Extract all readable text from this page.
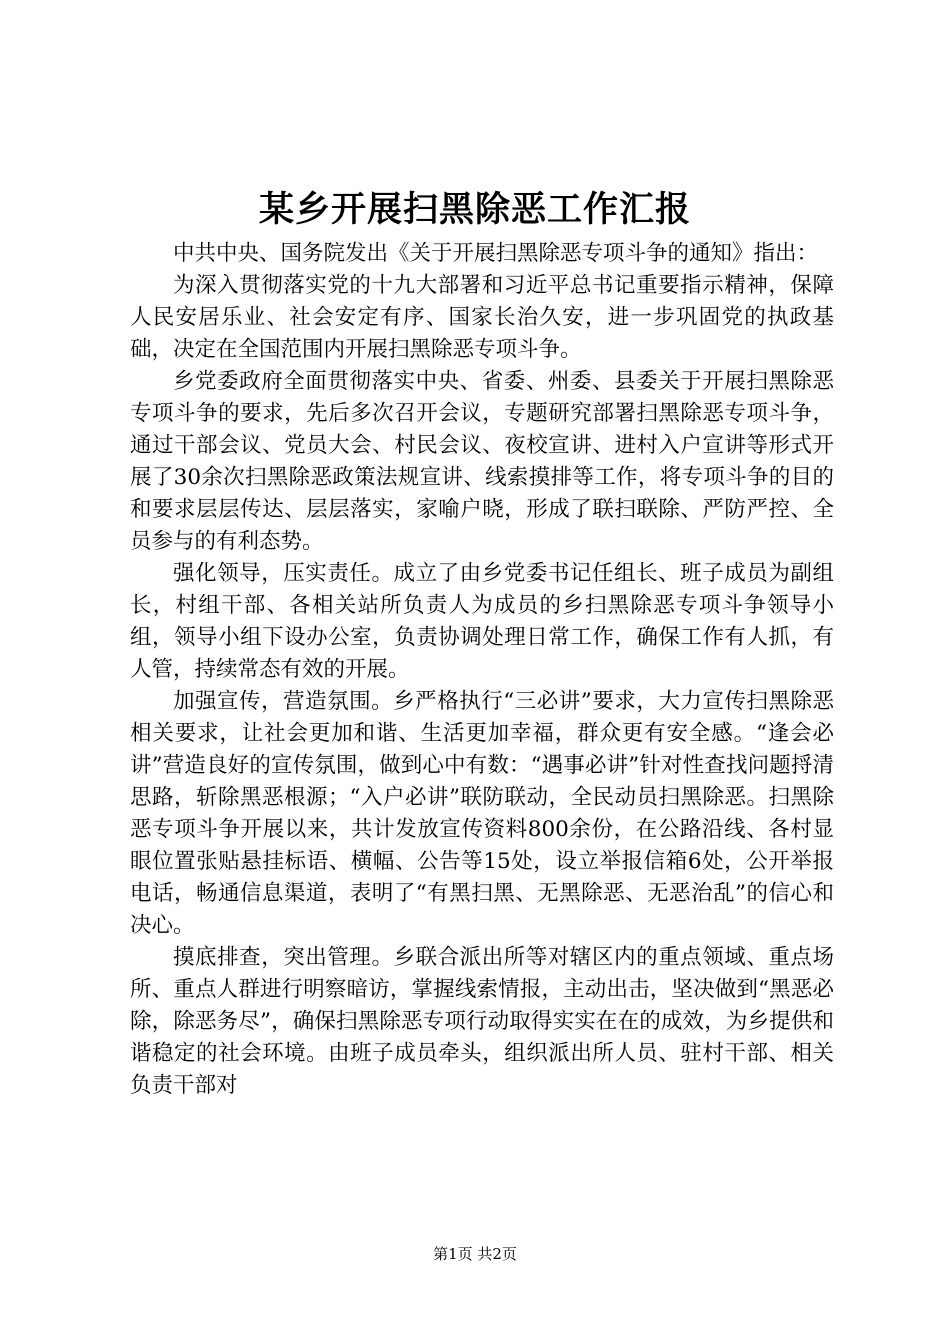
某乡开展扫黑除恶工作汇报

中共中央、国务院发出《关于开展扫黑除恶专项斗争的通知》指出：

为深入贯彻落实党的十九大部署和习近平总书记重要指示精神，保障人民安居乐业、社会安定有序、国家长治久安，进一步巩固党的执政基础，决定在全国范围内开展扫黑除恶专项斗争。

乡党委政府全面贯彻落实中央、省委、州委、县委关于开展扫黑除恶专项斗争的要求，先后多次召开会议，专题研究部署扫黑除恶专项斗争，通过干部会议、党员大会、村民会议、夜校宣讲、进村入户宣讲等形式开展了30余次扫黑除恶政策法规宣讲、线索摸排等工作，将专项斗争的目的和要求层层传达、层层落实，家喻户晓，形成了联扫联除、严防严控、全员参与的有利态势。

强化领导，压实责任。成立了由乡党委书记任组长、班子成员为副组长，村组干部、各相关站所负责人为成员的乡扫黑除恶专项斗争领导小组，领导小组下设办公室，负责协调处理日常工作，确保工作有人抓，有人管，持续常态有效的开展。

加强宣传，营造氛围。乡严格执行“三必讲”要求，大力宣传扫黑除恶相关要求，让社会更加和谐、生活更加幸福，群众更有安全感。“逢会必讲”营造良好的宣传氛围，做到心中有数：“遇事必讲”针对性查找问题捋清思路，斩除黑恶根源；“入户必讲”联防联动，全民动员扫黑除恶。扫黑除恶专项斗争开展以来，共计发放宣传资料800余份，在公路沿线、各村显眼位置张贴悬挂标语、横幅、公告等15处，设立举报信箱6处，公开举报电话，畅通信息渠道，表明了“有黑扫黑、无黑除恶、无恶治乱”的信心和决心。

摸底排查，突出管理。乡联合派出所等对辖区内的重点领域、重点场所、重点人群进行明察暗访，掌握线索情报，主动出击，坚决做到“黑恶必除，除恶务尽”，确保扫黑除恶专项行动取得实实在在的成效，为乡提供和谐稳定的社会环境。由班子成员牵头，组织派出所人员、驻村干部、相关负责干部对

第1页 共2页
